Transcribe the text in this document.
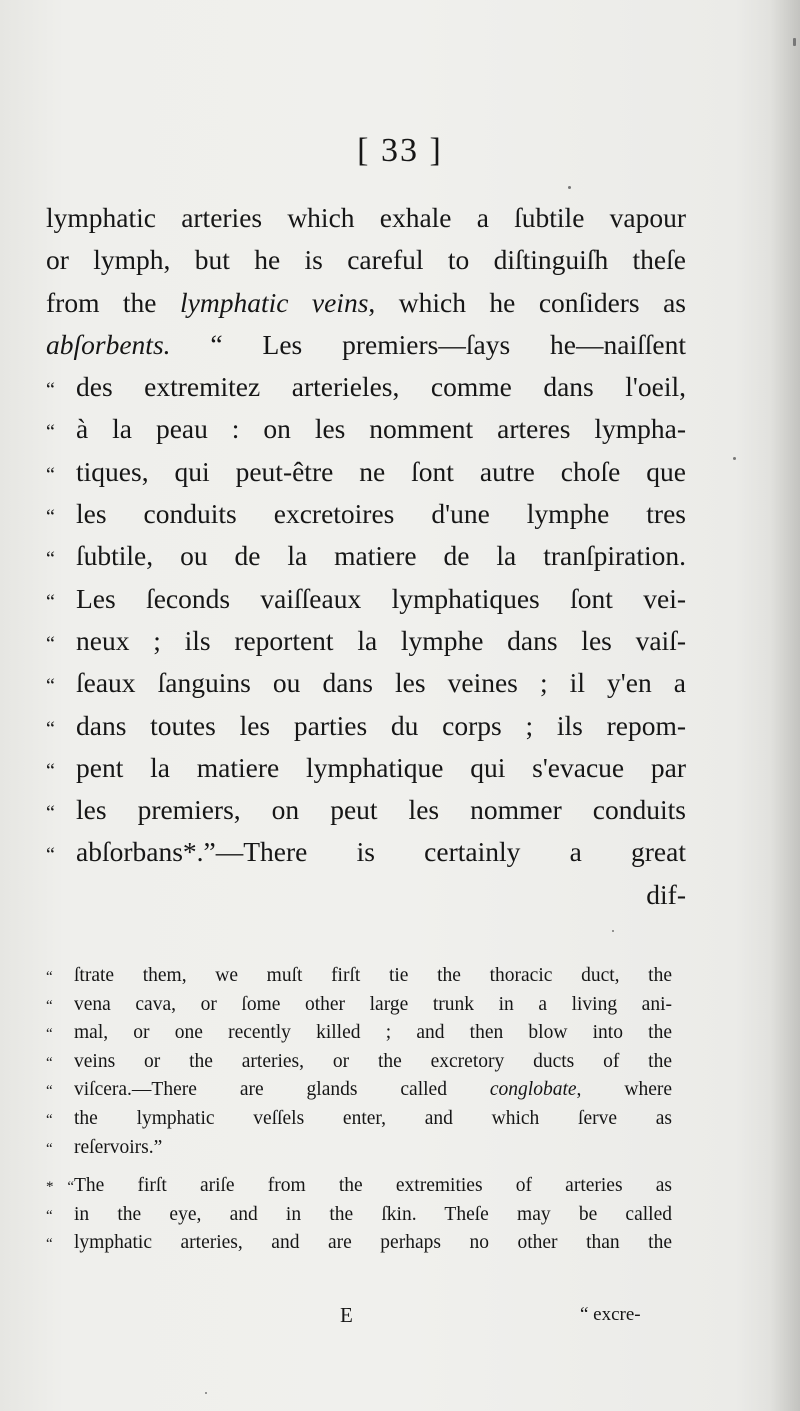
[ 33 ]
lymphatic arteries which exhale a ſubtile vapour
or lymph, but he is careful to diſtinguiſh theſe
from the lymphatic veins, which he conſiders as
abſorbents. “ Les premiers—ſays he—naiſſent
“ des extremitez arterieles, comme dans l'oeil,
“ à la peau : on les nomment arteres lympha-
“ tiques, qui peut-être ne ſont autre choſe que
“ les conduits excretoires d'une lymphe tres
“ ſubtile, ou de la matiere de la tranſpiration.
“ Les ſeconds vaiſſeaux lymphatiques ſont vei-
“ neux ; ils reportent la lymphe dans les vaiſ-
“ ſeaux ſanguins ou dans les veines ; il y'en a
“ dans toutes les parties du corps ; ils repom-
“ pent la matiere lymphatique qui s'evacue par
“ les premiers, on peut les nommer conduits
“ abſorbans*.”—There is certainly a great
dif-
“ ſtrate them, we muſt firſt tie the thoracic duct, the
“ vena cava, or ſome other large trunk in a living ani-
“ mal, or one recently killed ; and then blow into the
“ veins or the arteries, or the excretory ducts of the
“ viſcera.—There are glands called conglobate, where
“ the lymphatic veſſels enter, and which ſerve as
“ reſervoirs.”
* “The firſt ariſe from the extremities of arteries as
“ in the eye, and in the ſkin. Theſe may be called
“ lymphatic arteries, and are perhaps no other than the
E	“ excre-
